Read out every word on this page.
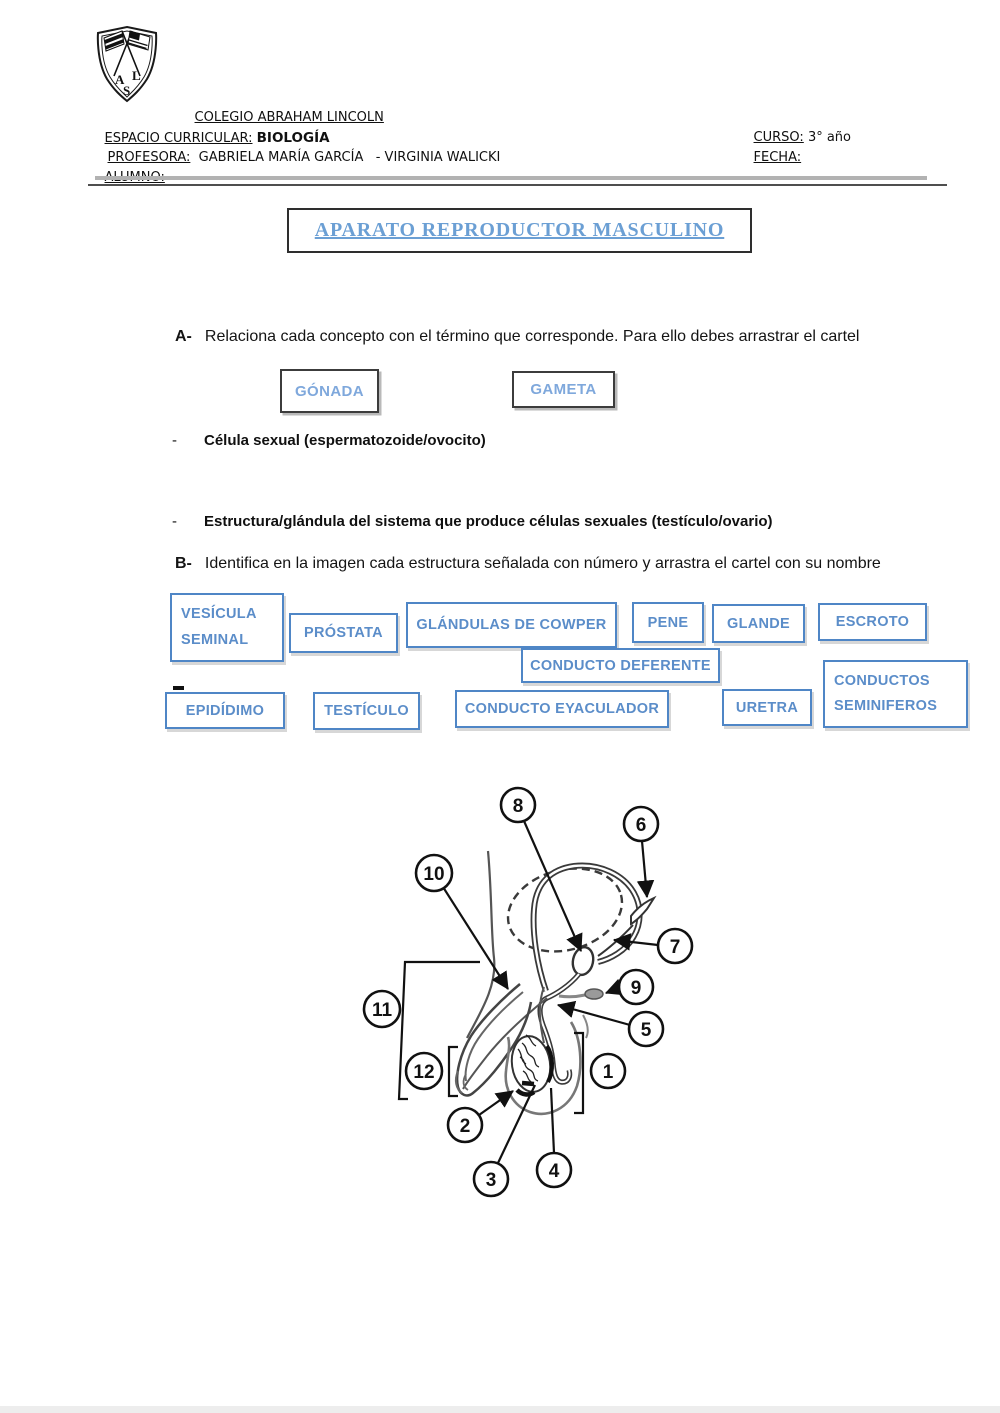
A L
S

COLEGIO ABRAHAM LINCOLN

ESPACIO CURRICULAR: BIOLOGÍA
	CURSO: 3° año

PROFESORA: GABRIELA MARÍA GARCÍA   - VIRGINIA WALICKI
	FECHA:

APARATO REPRODUCTOR MASCULINO
A- Relaciona cada concepto con el término que corresponde. Para ello debes arrastrar el cartel
GÓNADA	GAMETA
- Célula sexual (espermatozoide/ovocito)
- Estructura/glándula del sistema que produce células sexuales (testículo/ovario)
B- Identifica en la imagen cada estructura señalada con número y arrastra el cartel con su nombre
VESÍCULA SEMINAL	PRÓSTATA	GLÁNDULAS DE COWPER	PENE	GLANDE	ESCROTO
CONDUCTO DEFERENTE
CONDUCTOS SEMINIFEROS
EPIDÍDIMO	TESTÍCULO	CONDUCTO EYACULADOR	URETRA
1
2
3	4
5
6
7
8
9
10
11
12
